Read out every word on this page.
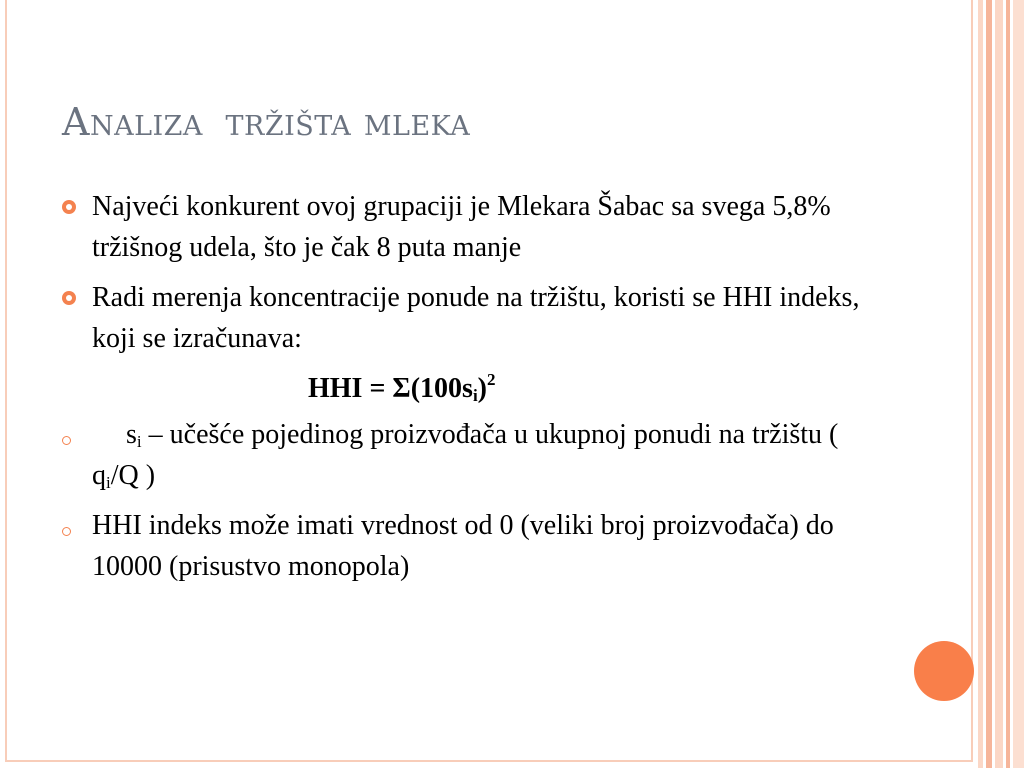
Analiza tržišta mleka
Najveći konkurent ovoj grupaciji je Mlekara Šabac sa svega 5,8% tržišnog udela, što je čak 8 puta manje
Radi merenja koncentracije ponude na tržištu, koristi se HHI indeks, koji se izračunava:
HHI = $\Sigma(100s_i)^2$
$s_i$ – učešće pojedinog proizvođača u ukupnoj ponudi na tržištu ( $q_i/Q$ )
HHI indeks može imati vrednost od 0 (veliki broj proizvođača) do 10000 (prisustvo monopola)
